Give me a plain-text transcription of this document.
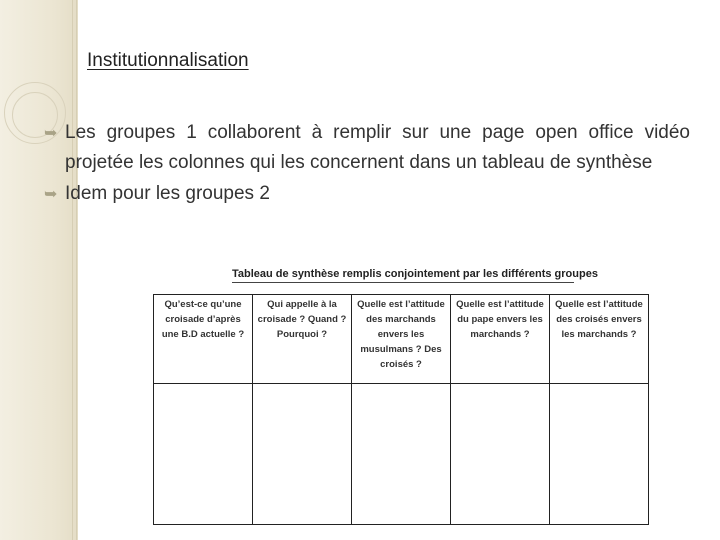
Institutionnalisation
➥ Les groupes 1 collaborent à remplir sur une page open office vidéo projetée les colonnes qui les concernent dans un tableau de synthèse
➥ Idem pour les groupes 2
Tableau de synthèse remplis conjointement par les différents groupes
Qu’est-ce qu’une croisade d’après une B.D actuelle ?	Qui appelle à la croisade ? Quand ? Pourquoi ?	Quelle est l’attitude des marchands envers les musulmans ? Des croisés ?	Quelle est l’attitude du pape envers les marchands ?	Quelle est l’attitude des croisés envers les marchands ?
